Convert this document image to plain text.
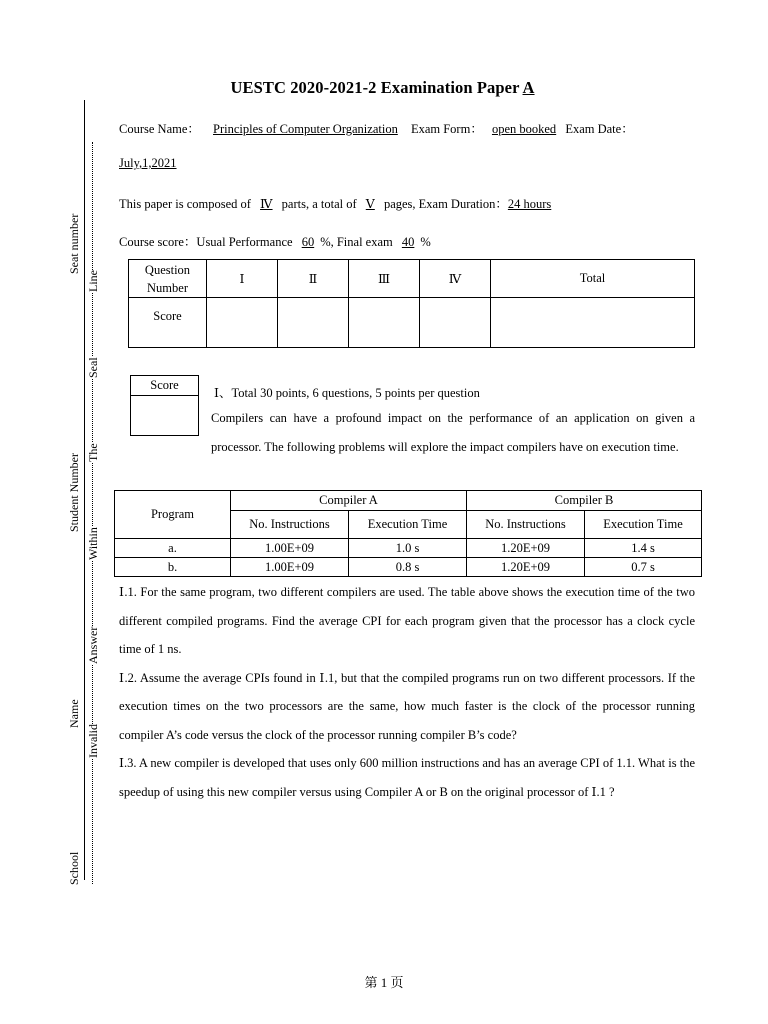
Seat number
Student Number
Name
School
Line
Seal
The
Within
Answer
Invalid
UESTC 2020-2021-2 Examination Paper A
Course Name： Principles of Computer Organization Exam Form： open booked Exam Date：
July,1,2021
This paper is composed of Ⅳ parts, a total of Ⅴ pages, Exam Duration：24 hours
Course score：Usual Performance 60 %, Final exam 40 %
Question Number	Ⅰ	Ⅱ	Ⅲ	Ⅳ	Total
Score					
Score

Ⅰ、Total 30 points, 6 questions, 5 points per question
Compilers can have a profound impact on the performance of an application on given a processor. The following problems will explore the impact compilers have on execution time.
Program	Compiler A		Compiler B	
	No. Instructions	Execution Time	No. Instructions	Execution Time
a.	1.00E+09	1.0 s	1.20E+09	1.4 s
b.	1.00E+09	0.8 s	1.20E+09	0.7 s
Ⅰ.1. For the same program, two different compilers are used. The table above shows the execution time of the two different compiled programs. Find the average CPI for each program given that the processor has a clock cycle time of 1 ns.
Ⅰ.2. Assume the average CPIs found in Ⅰ.1, but that the compiled programs run on two different processors. If the execution times on the two processors are the same, how much faster is the clock of the processor running compiler A’s code versus the clock of the processor running compiler B’s code?
Ⅰ.3. A new compiler is developed that uses only 600 million instructions and has an average CPI of 1.1. What is the speedup of using this new compiler versus using Compiler A or B on the original processor of Ⅰ.1 ?
第 1 页
